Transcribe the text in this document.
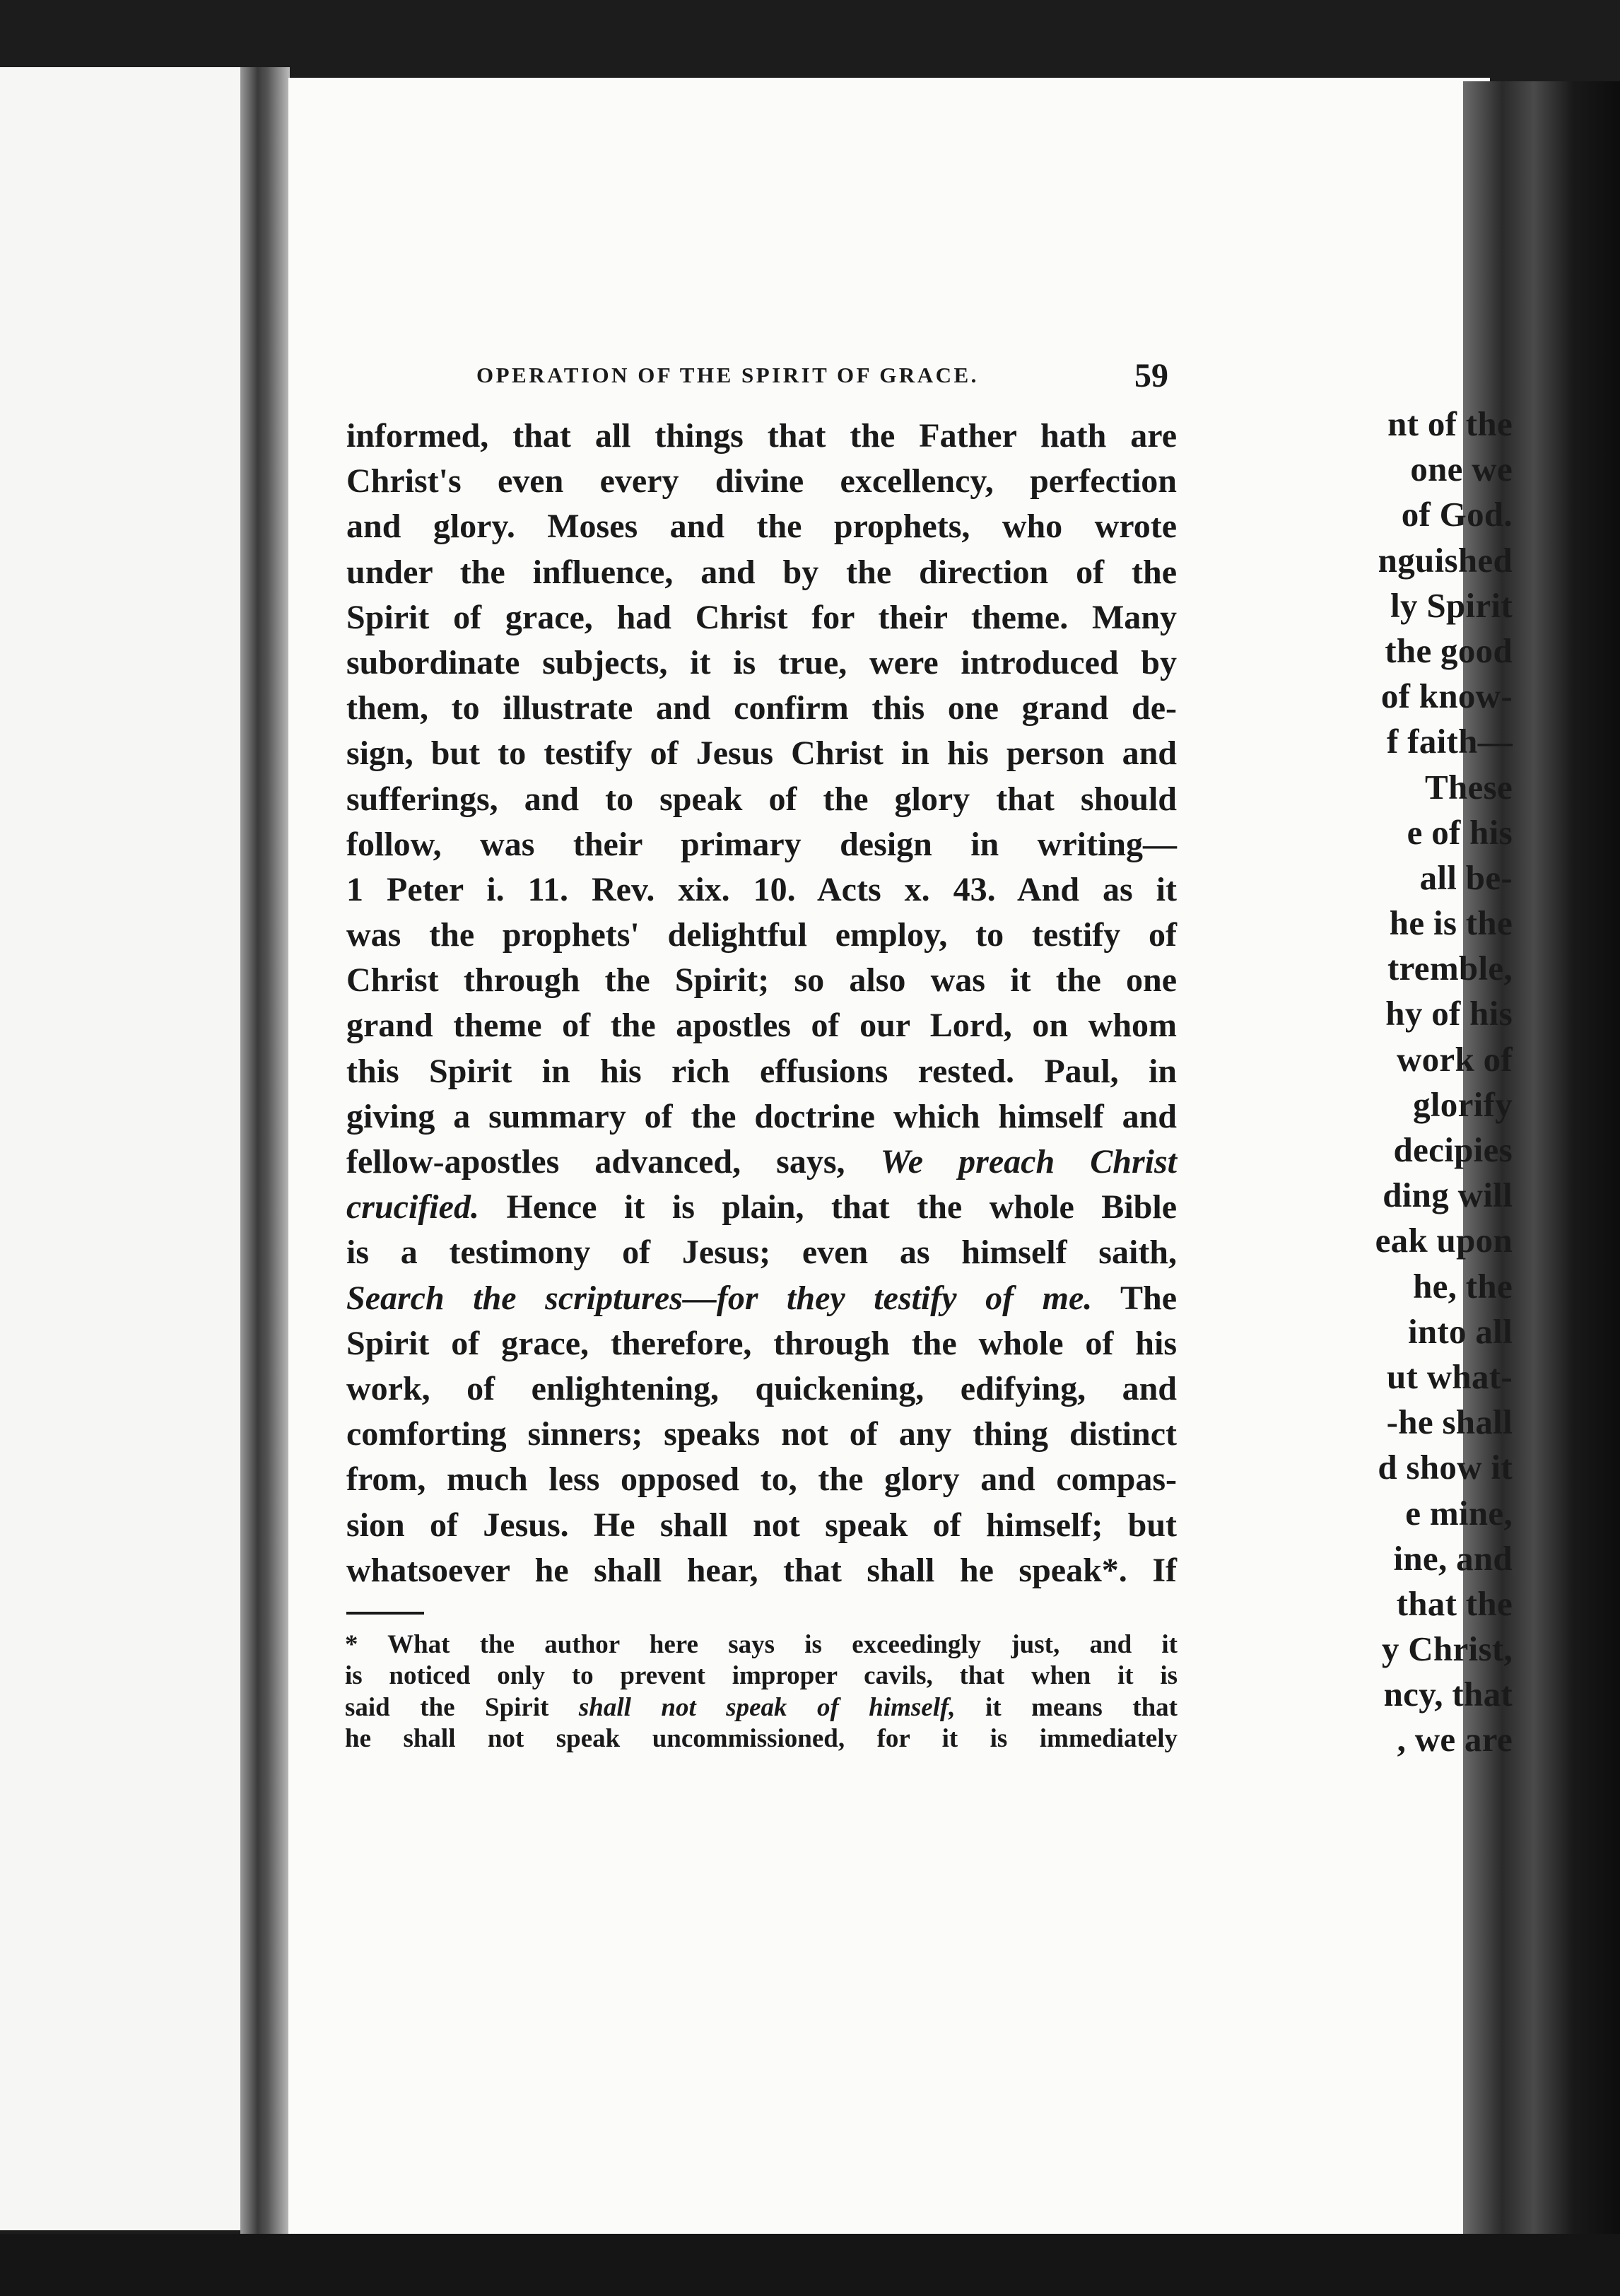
nt of the
one we
of God.
nguished
ly Spirit
the good
of know-
f faith—
These
e of his
all be-
he is the
tremble,
hy of his
work of
glorify
decipies
ding will
eak upon
he, the
into all
ut what-
-he shall
d show it
e mine,
ine, and
that the
y Christ,
ncy, that
, we are
OPERATION OF THE SPIRIT OF GRACE.	59
informed, that all things that the Father hath are
Christ's even every divine excellency, perfection
and glory. Moses and the prophets, who wrote
under the influence, and by the direction of the
Spirit of grace, had Christ for their theme. Many
subordinate subjects, it is true, were introduced by
them, to illustrate and confirm this one grand de-
sign, but to testify of Jesus Christ in his person and
sufferings, and to speak of the glory that should
follow, was their primary design in writing—
1 Peter i. 11. Rev. xix. 10. Acts x. 43. And as it
was the prophets' delightful employ, to testify of
Christ through the Spirit; so also was it the one
grand theme of the apostles of our Lord, on whom
this Spirit in his rich effusions rested. Paul, in
giving a summary of the doctrine which himself and
fellow-apostles advanced, says, We preach Christ
crucified. Hence it is plain, that the whole Bible
is a testimony of Jesus; even as himself saith,
Search the scriptures—for they testify of me. The
Spirit of grace, therefore, through the whole of his
work, of enlightening, quickening, edifying, and
comforting sinners; speaks not of any thing distinct
from, much less opposed to, the glory and compas-
sion of Jesus. He shall not speak of himself; but
whatsoever he shall hear, that shall he speak*. If
* What the author here says is exceedingly just, and it
is noticed only to prevent improper cavils, that when it is
said the Spirit shall not speak of himself, it means that
he shall not speak uncommissioned, for it is immediately
